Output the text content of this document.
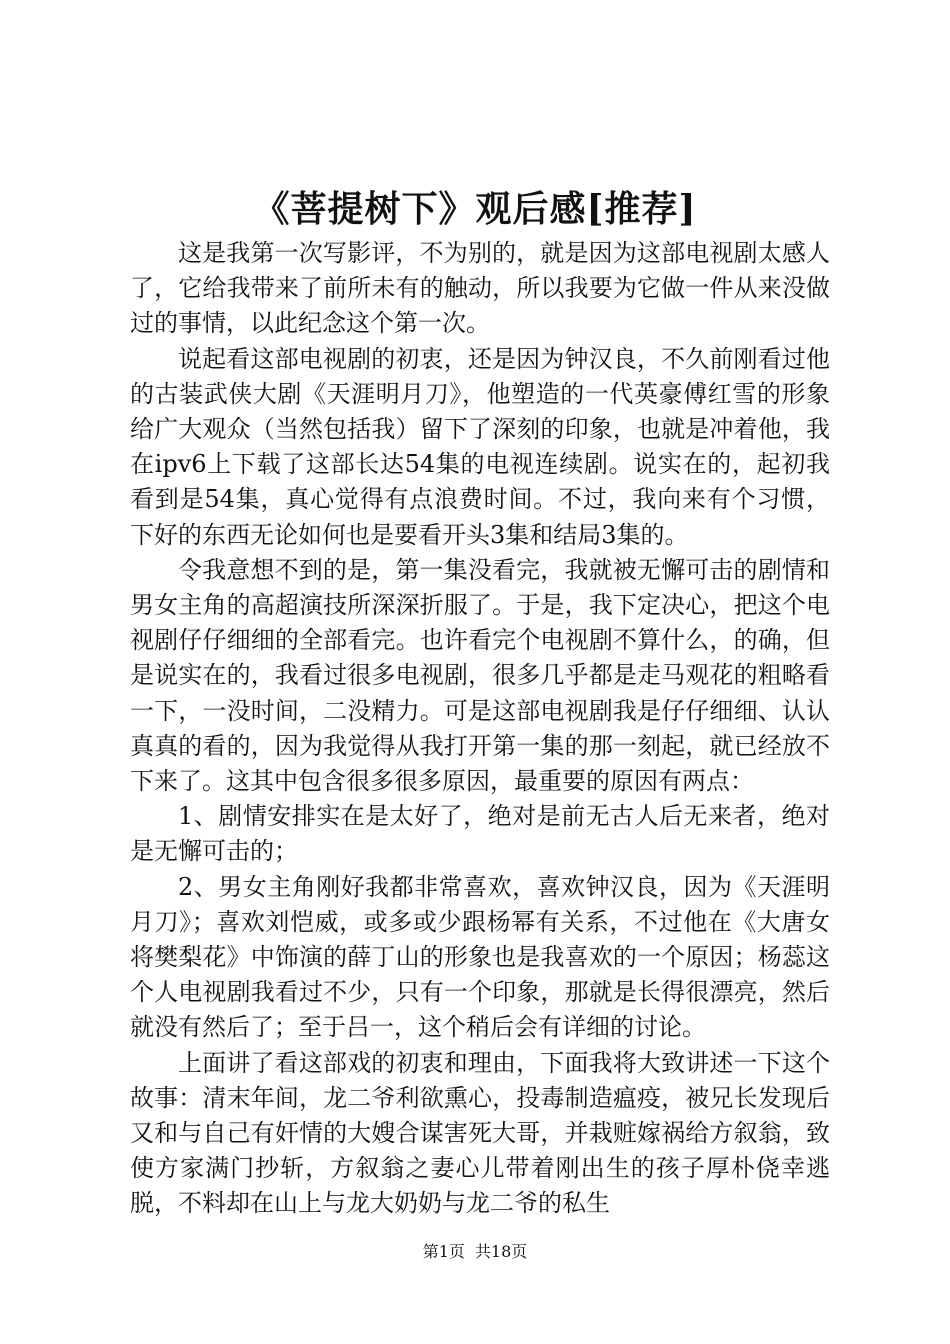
《菩提树下》观后感[推荐]

这是我第一次写影评，不为别的，就是因为这部电视剧太感人了，它给我带来了前所未有的触动，所以我要为它做一件从来没做过的事情，以此纪念这个第一次。

说起看这部电视剧的初衷，还是因为钟汉良，不久前刚看过他的古装武侠大剧《天涯明月刀》，他塑造的一代英豪傅红雪的形象给广大观众（当然包括我）留下了深刻的印象，也就是冲着他，我在ipv6上下载了这部长达54集的电视连续剧。说实在的，起初我看到是54集，真心觉得有点浪费时间。不过，我向来有个习惯，下好的东西无论如何也是要看开头3集和结局3集的。

令我意想不到的是，第一集没看完，我就被无懈可击的剧情和男女主角的高超演技所深深折服了。于是，我下定决心，把这个电视剧仔仔细细的全部看完。也许看完个电视剧不算什么，的确，但是说实在的，我看过很多电视剧，很多几乎都是走马观花的粗略看一下，一没时间，二没精力。可是这部电视剧我是仔仔细细、认认真真的看的，因为我觉得从我打开第一集的那一刻起，就已经放不下来了。这其中包含很多很多原因，最重要的原因有两点：

1、剧情安排实在是太好了，绝对是前无古人后无来者，绝对是无懈可击的；

2、男女主角刚好我都非常喜欢，喜欢钟汉良，因为《天涯明月刀》；喜欢刘恺威，或多或少跟杨幂有关系，不过他在《大唐女将樊梨花》中饰演的薛丁山的形象也是我喜欢的一个原因；杨蕊这个人电视剧我看过不少，只有一个印象，那就是长得很漂亮，然后就没有然后了；至于吕一，这个稍后会有详细的讨论。

上面讲了看这部戏的初衷和理由，下面我将大致讲述一下这个故事：清末年间，龙二爷利欲熏心，投毒制造瘟疫，被兄长发现后又和与自己有奸情的大嫂合谋害死大哥，并栽赃嫁祸给方叙翁，致使方家满门抄斩，方叙翁之妻心儿带着刚出生的孩子厚朴侥幸逃脱，不料却在山上与龙大奶奶与龙二爷的私生

第1页 共18页
